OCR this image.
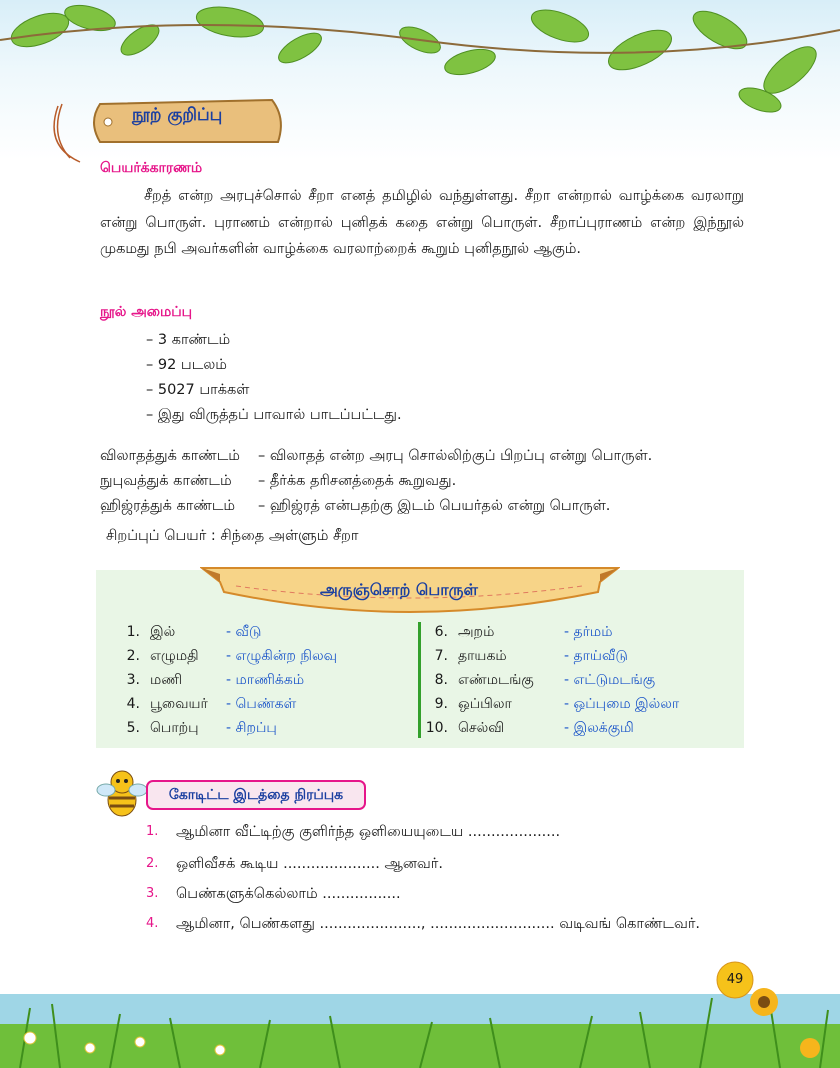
நூற் குறிப்பு
பெயர்க்காரணம்
சீறத் என்ற அரபுச்சொல் சீறா எனத் தமிழில் வந்துள்ளது. சீறா என்றால் வாழ்க்கை வரலாறு என்று பொருள். புராணம் என்றால் புனிதக் கதை என்று பொருள். சீறாப்புராணம் என்ற இந்நூல் முகமது நபி அவர்களின் வாழ்க்கை வரலாற்றைக் கூறும் புனிதநூல் ஆகும்.
நூல் அமைப்பு
– 3 காண்டம்
– 92 படலம்
– 5027 பாக்கள்
– இது விருத்தப் பாவால் பாடப்பட்டது.
விலாதத்துக் காண்டம்	– விலாதத் என்ற அரபு சொல்லிற்குப் பிறப்பு என்று பொருள்.
நுபுவத்துக் காண்டம்	– தீர்க்க தரிசனத்தைக் கூறுவது.
ஹிஜ்ரத்துக் காண்டம்	– ஹிஜ்ரத் என்பதற்கு இடம் பெயர்தல் என்று பொருள்.
சிறப்புப் பெயர் : சிந்தை அள்ளும் சீறா
அருஞ்சொற் பொருள்
1. இல்	- வீடு
2. எழுமதி	- எழுகின்ற நிலவு
3. மணி	- மாணிக்கம்
4. பூவையர்	- பெண்கள்
5. பொற்பு	- சிறப்பு
6. அறம்	- தர்மம்
7. தாயகம்	- தாய்வீடு
8. எண்மடங்கு	- எட்டுமடங்கு
9. ஒப்பிலா	- ஒப்புமை இல்லா
10. செல்வி	- இலக்குமி
கோடிட்ட இடத்தை நிரப்புக
1.	ஆமினா வீட்டிற்கு குளிர்ந்த ஒளியையுடைய ....................
2.	ஒளிவீசக் கூடிய ..................... ஆனவர்.
3.	பெண்களுக்கெல்லாம் .................
4.	ஆமினா, பெண்களது ......................, ........................... வடிவங் கொண்டவர்.
49
